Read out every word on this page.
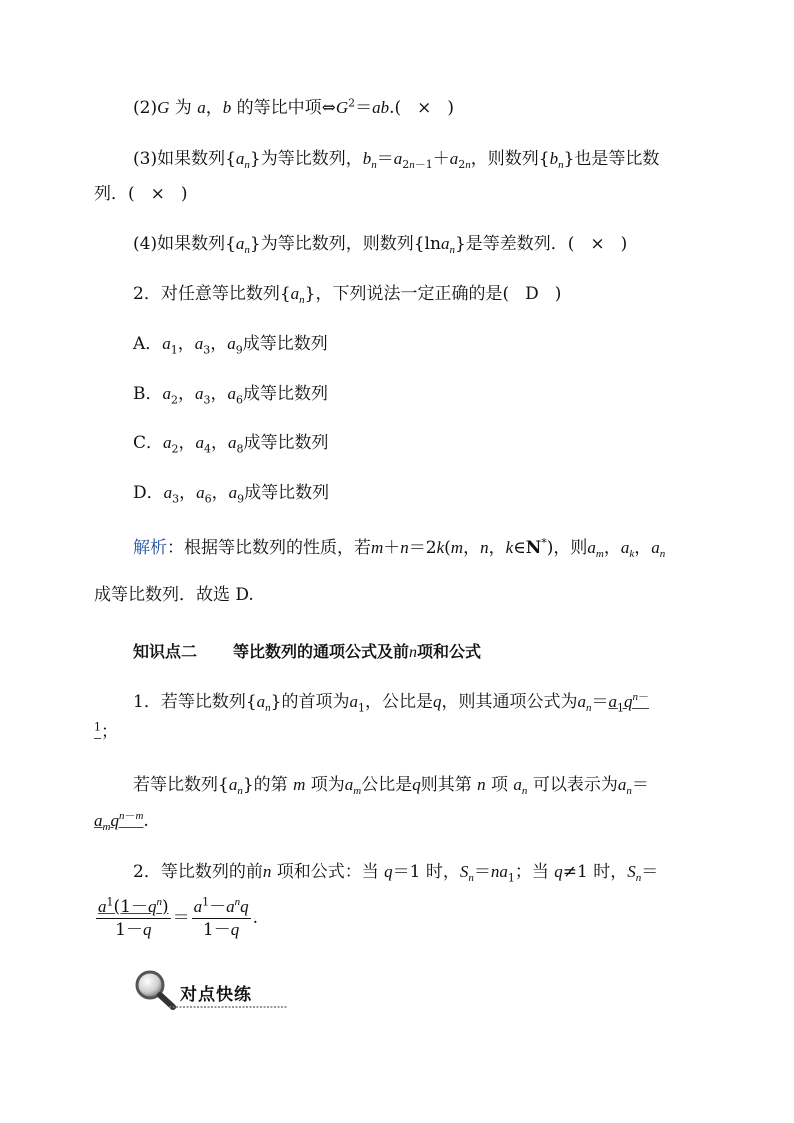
(2)G 为 a，b 的等比中项$\Leftrightarrow G^2=ab$.( × )
(3)如果数列$\{a_n\}$为等比数列，$b_n=a_{2n-1}+a_{2n}$，则数列$\{b_n\}$也是等比数
列．( × )
(4)如果数列$\{a_n\}$为等比数列，则数列{lna$_n$}是等差数列．( × )
2．对任意等比数列$\{a_n\}$，下列说法一定正确的是( D )
A．$a_1$，$a_3$，$a_9$成等比数列
B．$a_2$，$a_3$，$a_6$成等比数列
C．$a_2$，$a_4$，$a_8$成等比数列
D．$a_3$，$a_6$，$a_9$成等比数列
解析：根据等比数列的性质，若m＋n＝2k(m，n，k∈N*)，则$a_m$，$a_k$，$a_n$
成等比数列．故选 D.
知识点二 等比数列的通项公式及前n项和公式
1．若等比数列$\{a_n\}$的首项为$a_1$，公比是q，则其通项公式为$a_n=a_1q^{n-}$
$^1$；
若等比数列$\{a_n\}$的第 m 项为$a_m$公比是q则其第 n 项 $a_n$ 可以表示为$a_n=$
$a_mq^{n-m}$.
2．等比数列的前n 项和公式：当 q＝1 时，$S_n=na_1$；当 q≠1 时，$S_n=$
$\frac{a^1(1-q^n)}{1-q} = \frac{a^1-a^nq}{1-q}$ .
对点快练
